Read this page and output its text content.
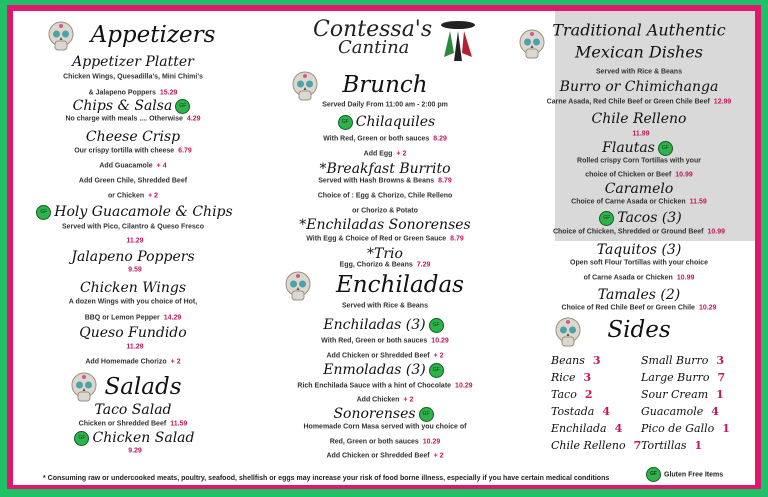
Appetizers
Appetizer Platter
Chicken Wings, Quesadilla's, Mini Chimi's
& Jalapeno Poppers 15.29
Chips & Salsa GF
No charge with meals .... Otherwise 4.29
Cheese Crisp
Our crispy tortilla with cheese 6.79
Add Guacamole + 4
Add Green Chile, Shredded Beef
or Chicken + 2
GF Holy Guacamole & Chips
Served with Pico, Cilantro & Queso Fresco
11.29
Jalapeno Poppers
9.59
Chicken Wings
A dozen Wings with you choice of Hot,
BBQ or Lemon Pepper 14.29
Queso Fundido
11.29
Add Homemade Chorizo + 2
Salads
Taco Salad
Chicken or Shredded Beef 11.59
GF Chicken Salad
9.29
Contessa's
Cantina
Brunch
Served Daily From 11:00 am - 2:00 pm
GF Chilaquiles
With Red, Green or both sauces 8.29
Add Egg + 2
*Breakfast Burrito
Served with Hash Browns & Beans 8.79
Choice of : Egg & Chorizo, Chile Relleno
or Chorizo & Potato
*Enchiladas Sonorenses
With Egg & Choice of Red or Green Sauce 8.79
*Trio
Egg, Chorizo & Beans 7.29
Enchiladas
Served with Rice & Beans
Enchiladas (3) GF
With Red, Green or both sauces 10.29
Add Chicken or Shredded Beef + 2
Enmoladas (3) GF
Rich Enchilada Sauce with a hint of Chocolate 10.29
Add Chicken + 2
Sonorenses GF
Homemade Corn Masa served with you choice of
Red, Green or both sauces 10.29
Add Chicken or Shredded Beef + 2
Traditional Authentic
Mexican Dishes
Served with Rice & Beans
Burro or Chimichanga
Carne Asada, Red Chile Beef or Green Chile Beef 12.99
Chile Relleno
11.99
Flautas GF
Rolled crispy Corn Tortillas with your
choice of Chicken or Beef 10.99
Caramelo
Choice of Carne Asada or Chicken 11.59
GF Tacos (3)
Choice of Chicken, Shredded or Ground Beef 10.99
Taquitos (3)
Open soft Flour Tortillas with your choice
of Carne Asada or Chicken 10.99
Tamales (2)
Choice of Red Chile Beef or Green Chile 10.29
Sides
Beans 3
Rice 3
Taco 2
Tostada 4
Enchilada 4
Chile Relleno 7
Small Burro 3
Large Burro 7
Sour Cream 1
Guacamole 4
Pico de Gallo 1
Tortillas 1
* Consuming raw or undercooked meats, poultry, seafood, shellfish or eggs may increase your risk of food borne illness, especially if you have certain medical conditions
GF Gluten Free Items
